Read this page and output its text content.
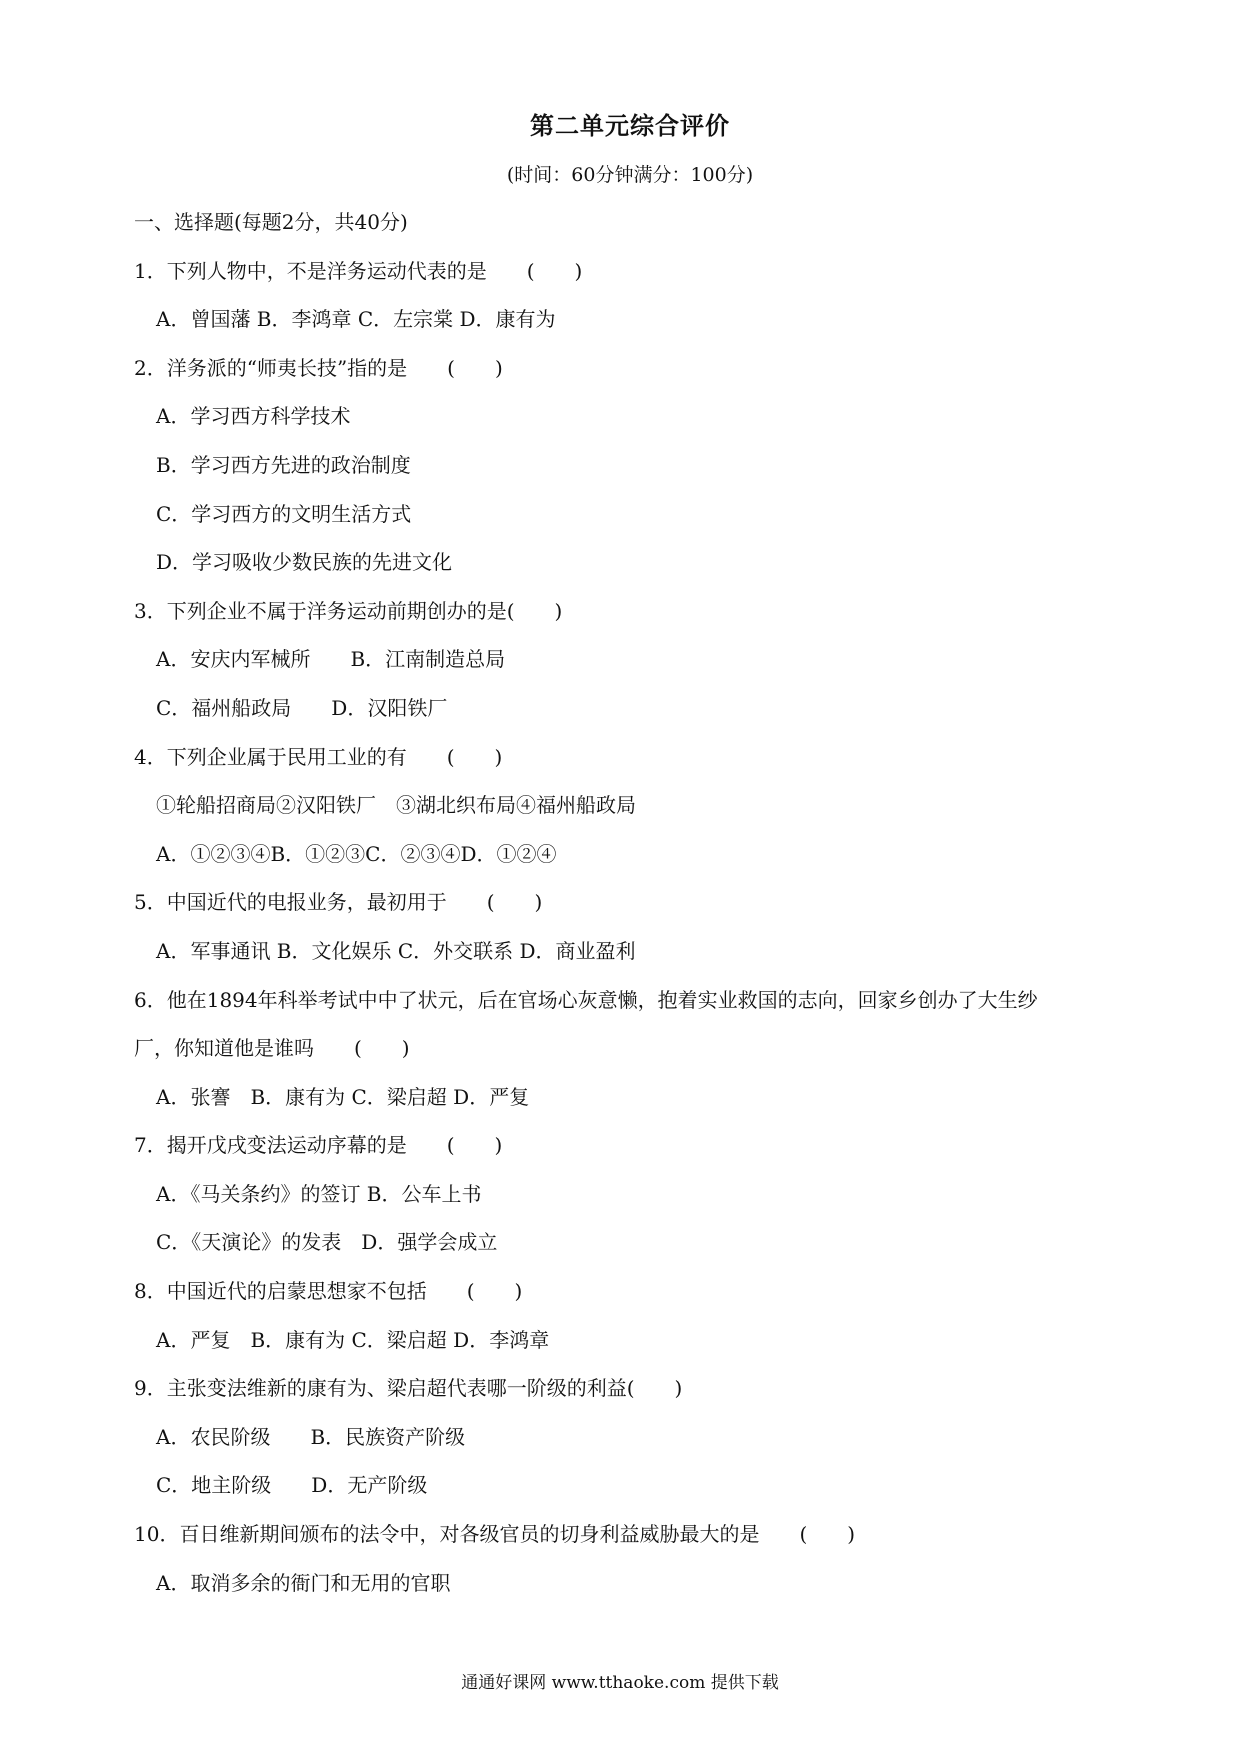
第二单元综合评价
(时间：60分钟满分：100分)
一、选择题(每题2分，共40分)
1．下列人物中，不是洋务运动代表的是　　(　　)
A．曾国藩 B．李鸿章 C．左宗棠 D．康有为
2．洋务派的“师夷长技”指的是　　(　　)
A．学习西方科学技术
B．学习西方先进的政治制度
C．学习西方的文明生活方式
D．学习吸收少数民族的先进文化
3．下列企业不属于洋务运动前期创办的是(　　)
A．安庆内军械所　　B．江南制造总局
C．福州船政局　　D．汉阳铁厂
4．下列企业属于民用工业的有　　(　　)
①轮船招商局②汉阳铁厂　③湖北织布局④福州船政局
A．①②③④B．①②③C．②③④D．①②④
5．中国近代的电报业务，最初用于　　(　　)
A．军事通讯 B．文化娱乐 C．外交联系 D．商业盈利
6．他在1894年科举考试中中了状元，后在官场心灰意懒，抱着实业救国的志向，回家乡创办了大生纱
厂，你知道他是谁吗　　(　　)
A．张謇　B．康有为 C．梁启超 D．严复
7．揭开戊戌变法运动序幕的是　　(　　)
A．《马关条约》的签订 B．公车上书
C．《天演论》的发表　D．强学会成立
8．中国近代的启蒙思想家不包括　　(　　)
A．严复　B．康有为 C．梁启超 D．李鸿章
9．主张变法维新的康有为、梁启超代表哪一阶级的利益(　　)
A．农民阶级　　B．民族资产阶级
C．地主阶级　　D．无产阶级
10．百日维新期间颁布的法令中，对各级官员的切身利益威胁最大的是　　(　　)
A．取消多余的衙门和无用的官职
通通好课网 www.tthaoke.com 提供下载
